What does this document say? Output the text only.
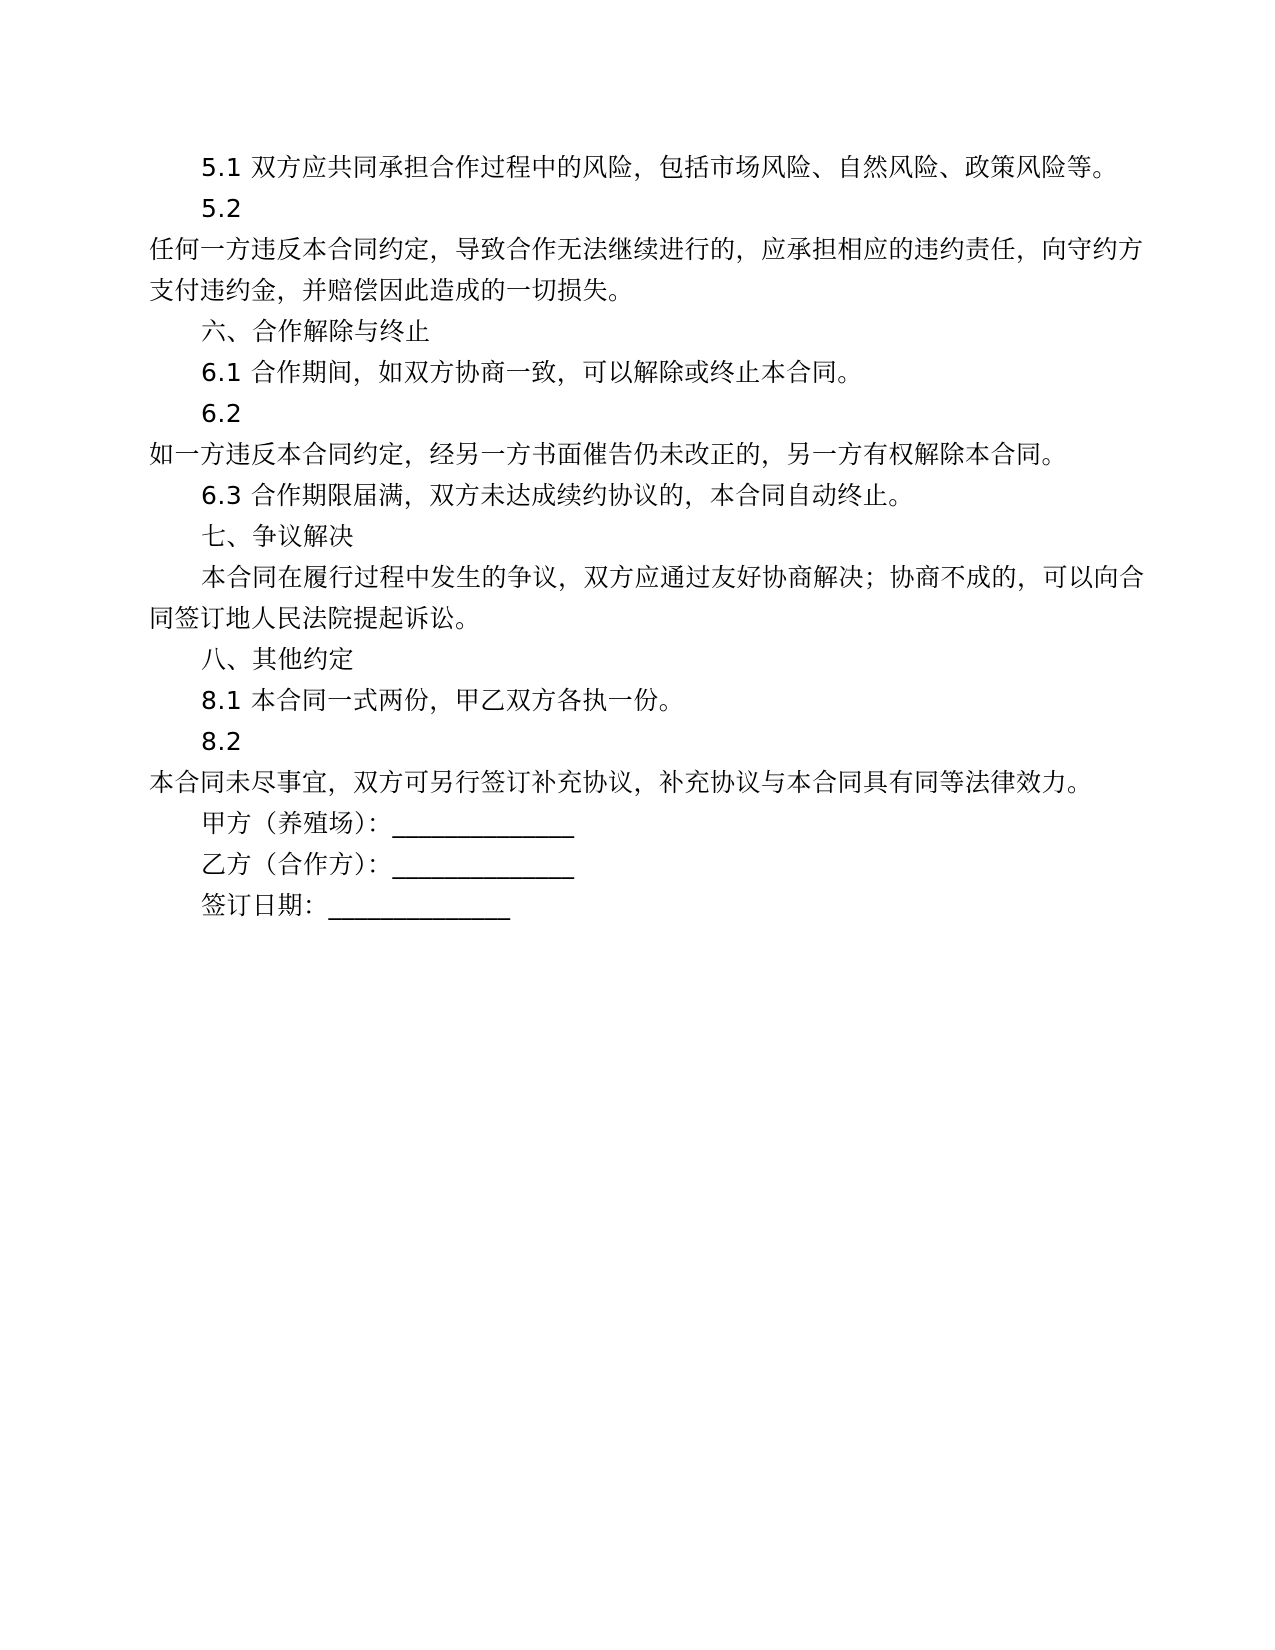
5.1 双方应共同承担合作过程中的风险，包括市场风险、自然风险、政策风险等。
5.2
任何一方违反本合同约定，导致合作无法继续进行的，应承担相应的违约责任，向守约方
支付违约金，并赔偿因此造成的一切损失。
六、合作解除与终止
6.1 合作期间，如双方协商一致，可以解除或终止本合同。
6.2
如一方违反本合同约定，经另一方书面催告仍未改正的，另一方有权解除本合同。
6.3 合作期限届满，双方未达成续约协议的，本合同自动终止。
七、争议解决
本合同在履行过程中发生的争议，双方应通过友好协商解决；协商不成的，可以向合
同签订地人民法院提起诉讼。
八、其他约定
8.1 本合同一式两份，甲乙双方各执一份。
8.2
本合同未尽事宜，双方可另行签订补充协议，补充协议与本合同具有同等法律效力。
甲方（养殖场）：______________
乙方（合作方）：______________
签订日期：______________
